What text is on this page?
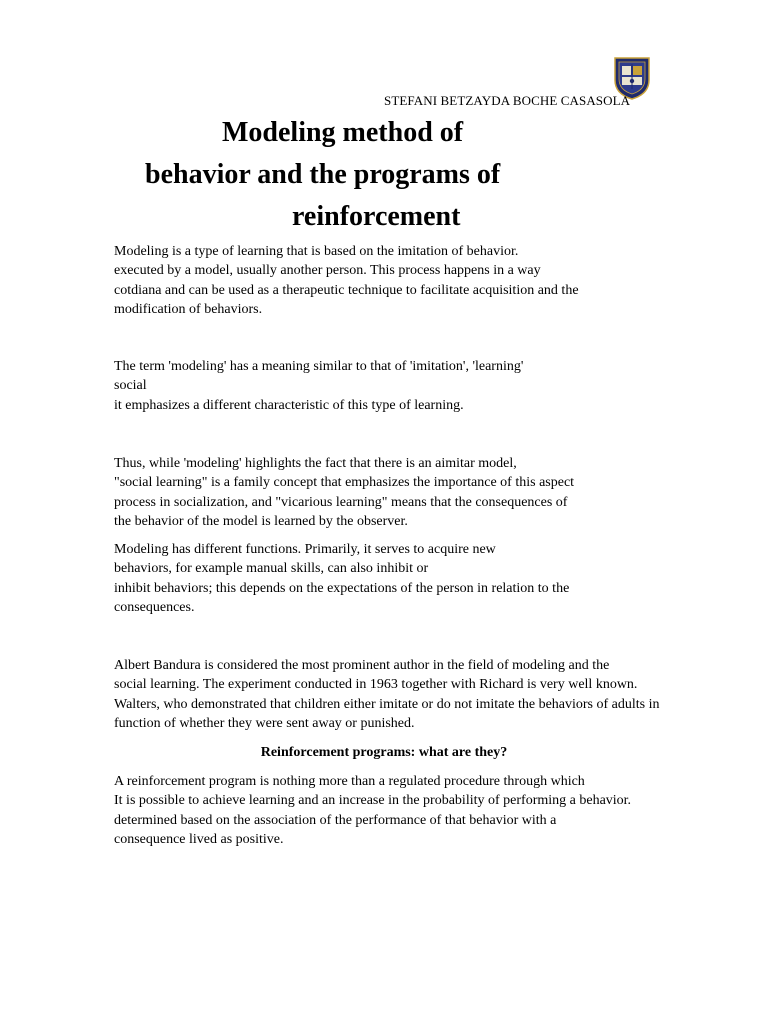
STEFANI BETZAYDA BOCHE CASASOLA
Modeling method of
behavior and the programs of
reinforcement
Modeling is a type of learning that is based on the imitation of behavior.
executed by a model, usually another person. This process happens in a way
cotdiana and can be used as a therapeutic technique to facilitate acquisition and the
modification of behaviors.
The term 'modeling' has a meaning similar to that of 'imitation', 'learning'
social
it emphasizes a different characteristic of this type of learning.
Thus, while 'modeling' highlights the fact that there is an aimitar model,
"social learning" is a family concept that emphasizes the importance of this aspect
process in socialization, and "vicarious learning" means that the consequences of
the behavior of the model is learned by the observer.
Modeling has different functions. Primarily, it serves to acquire new
behaviors, for example manual skills, can also inhibit or
inhibit behaviors; this depends on the expectations of the person in relation to the
consequences.
Albert Bandura is considered the most prominent author in the field of modeling and the
social learning. The experiment conducted in 1963 together with Richard is very well known.
Walters, who demonstrated that children either imitate or do not imitate the behaviors of adults in
function of whether they were sent away or punished.
Reinforcement programs: what are they?
A reinforcement program is nothing more than a regulated procedure through which
It is possible to achieve learning and an increase in the probability of performing a behavior.
determined based on the association of the performance of that behavior with a
consequence lived as positive.
